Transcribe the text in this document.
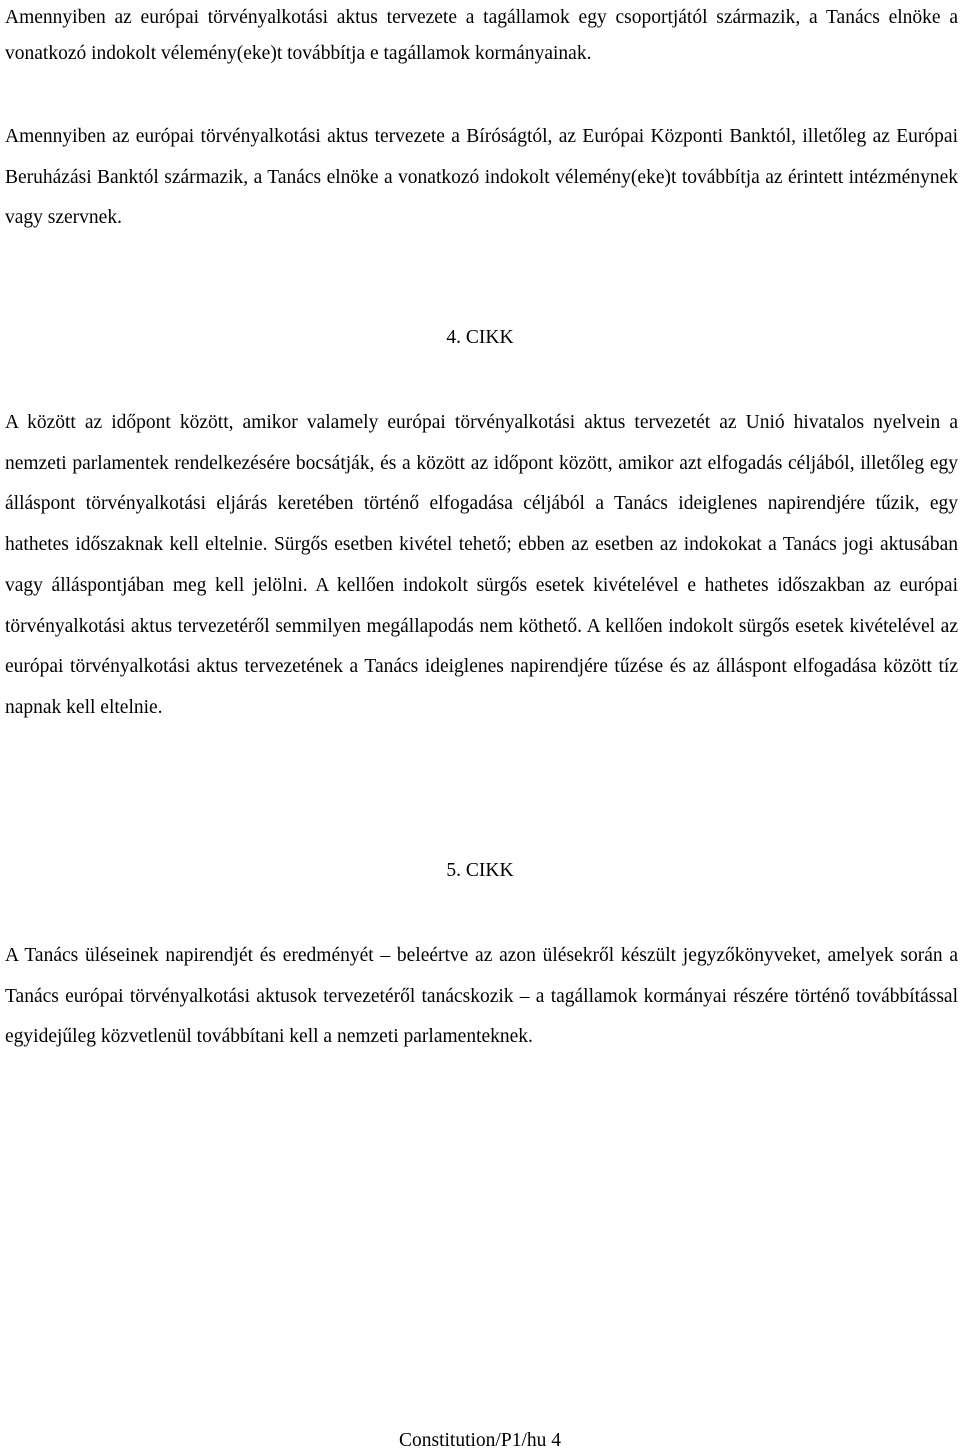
Amennyiben az európai törvényalkotási aktus tervezete a tagállamok egy csoportjától származik, a Tanács elnöke a vonatkozó indokolt vélemény(eke)t továbbítja e tagállamok kormányainak.

Amennyiben az európai törvényalkotási aktus tervezete a Bíróságtól, az Európai Központi Banktól, illetőleg az Európai Beruházási Banktól származik, a Tanács elnöke a vonatkozó indokolt vélemény(eke)t továbbítja az érintett intézménynek vagy szervnek.

4. CIKK

A között az időpont között, amikor valamely európai törvényalkotási aktus tervezetét az Unió hivatalos nyelvein a nemzeti parlamentek rendelkezésére bocsátják, és a között az időpont között, amikor azt elfogadás céljából, illetőleg egy álláspont törvényalkotási eljárás keretében történő elfogadása céljából a Tanács ideiglenes napirendjére tűzik, egy hathetes időszaknak kell eltelnie. Sürgős esetben kivétel tehető; ebben az esetben az indokokat a Tanács jogi aktusában vagy álláspontjában meg kell jelölni. A kellően indokolt sürgős esetek kivételével e hathetes időszakban az európai törvényalkotási aktus tervezetéről semmilyen megállapodás nem köthető. A kellően indokolt sürgős esetek kivételével az európai törvényalkotási aktus tervezetének a Tanács ideiglenes napirendjére tűzése és az álláspont elfogadása között tíz napnak kell eltelnie.

5. CIKK

A Tanács üléseinek napirendjét és eredményét – beleértve az azon ülésekről készült jegyzőkönyveket, amelyek során a Tanács európai törvényalkotási aktusok tervezetéről tanácskozik – a tagállamok kormányai részére történő továbbítással egyidejűleg közvetlenül továbbítani kell a nemzeti parlamenteknek.

Constitution/P1/hu 4
